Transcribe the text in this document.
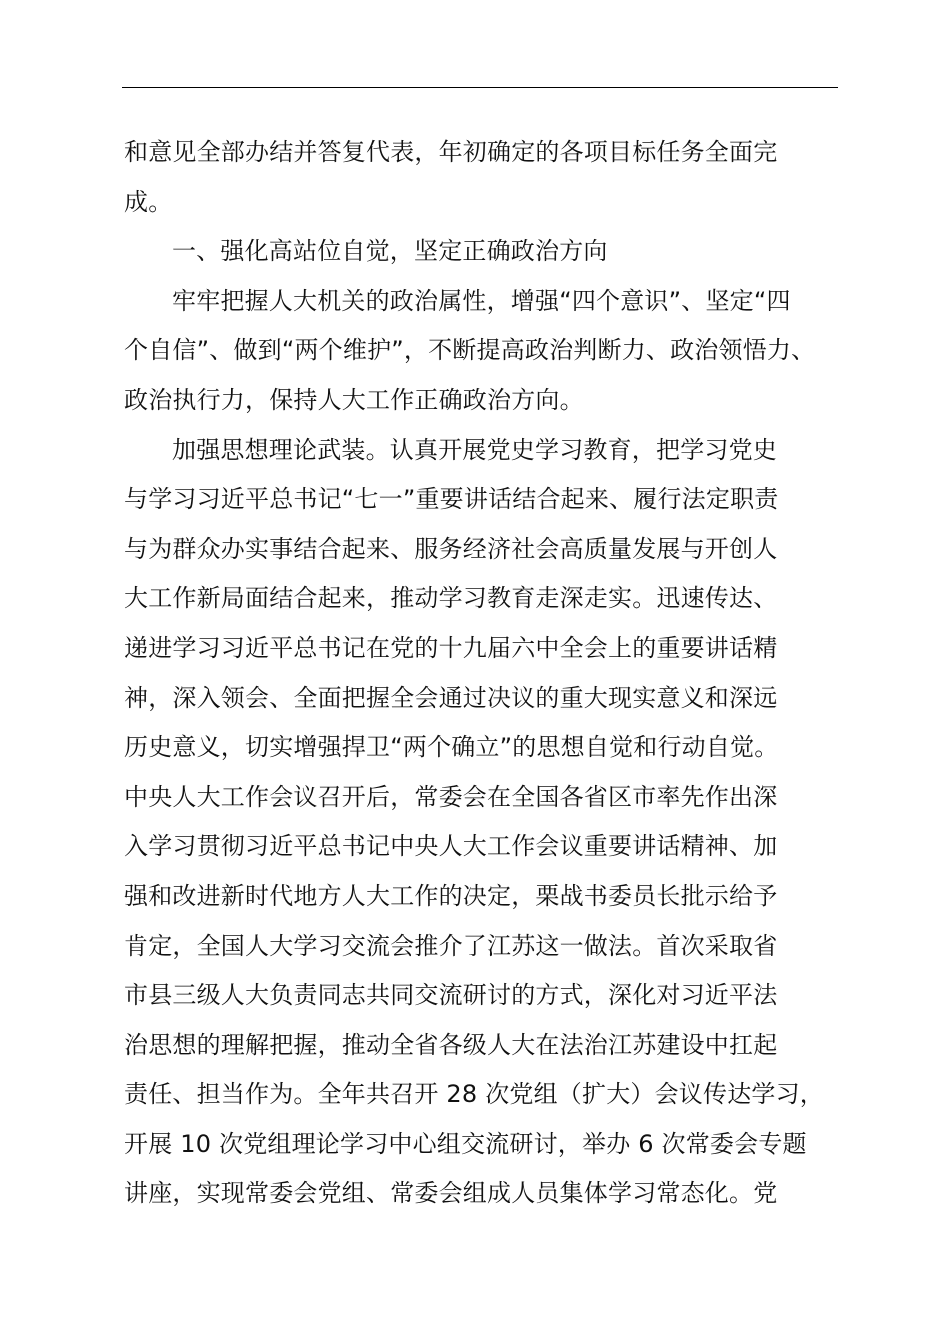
和意见全部办结并答复代表，年初确定的各项目标任务全面完
成。
一、强化高站位自觉，坚定正确政治方向
牢牢把握人大机关的政治属性，增强“四个意识”、坚定“四
个自信”、做到“两个维护”，不断提高政治判断力、政治领悟力、
政治执行力，保持人大工作正确政治方向。
加强思想理论武装。认真开展党史学习教育，把学习党史
与学习习近平总书记“七一”重要讲话结合起来、履行法定职责
与为群众办实事结合起来、服务经济社会高质量发展与开创人
大工作新局面结合起来，推动学习教育走深走实。迅速传达、
递进学习习近平总书记在党的十九届六中全会上的重要讲话精
神，深入领会、全面把握全会通过决议的重大现实意义和深远
历史意义，切实增强捍卫“两个确立”的思想自觉和行动自觉。
中央人大工作会议召开后，常委会在全国各省区市率先作出深
入学习贯彻习近平总书记中央人大工作会议重要讲话精神、加
强和改进新时代地方人大工作的决定，栗战书委员长批示给予
肯定，全国人大学习交流会推介了江苏这一做法。首次采取省
市县三级人大负责同志共同交流研讨的方式，深化对习近平法
治思想的理解把握，推动全省各级人大在法治江苏建设中扛起
责任、担当作为。全年共召开 28 次党组（扩大）会议传达学习，
开展 10 次党组理论学习中心组交流研讨，举办 6 次常委会专题
讲座，实现常委会党组、常委会组成人员集体学习常态化。党
